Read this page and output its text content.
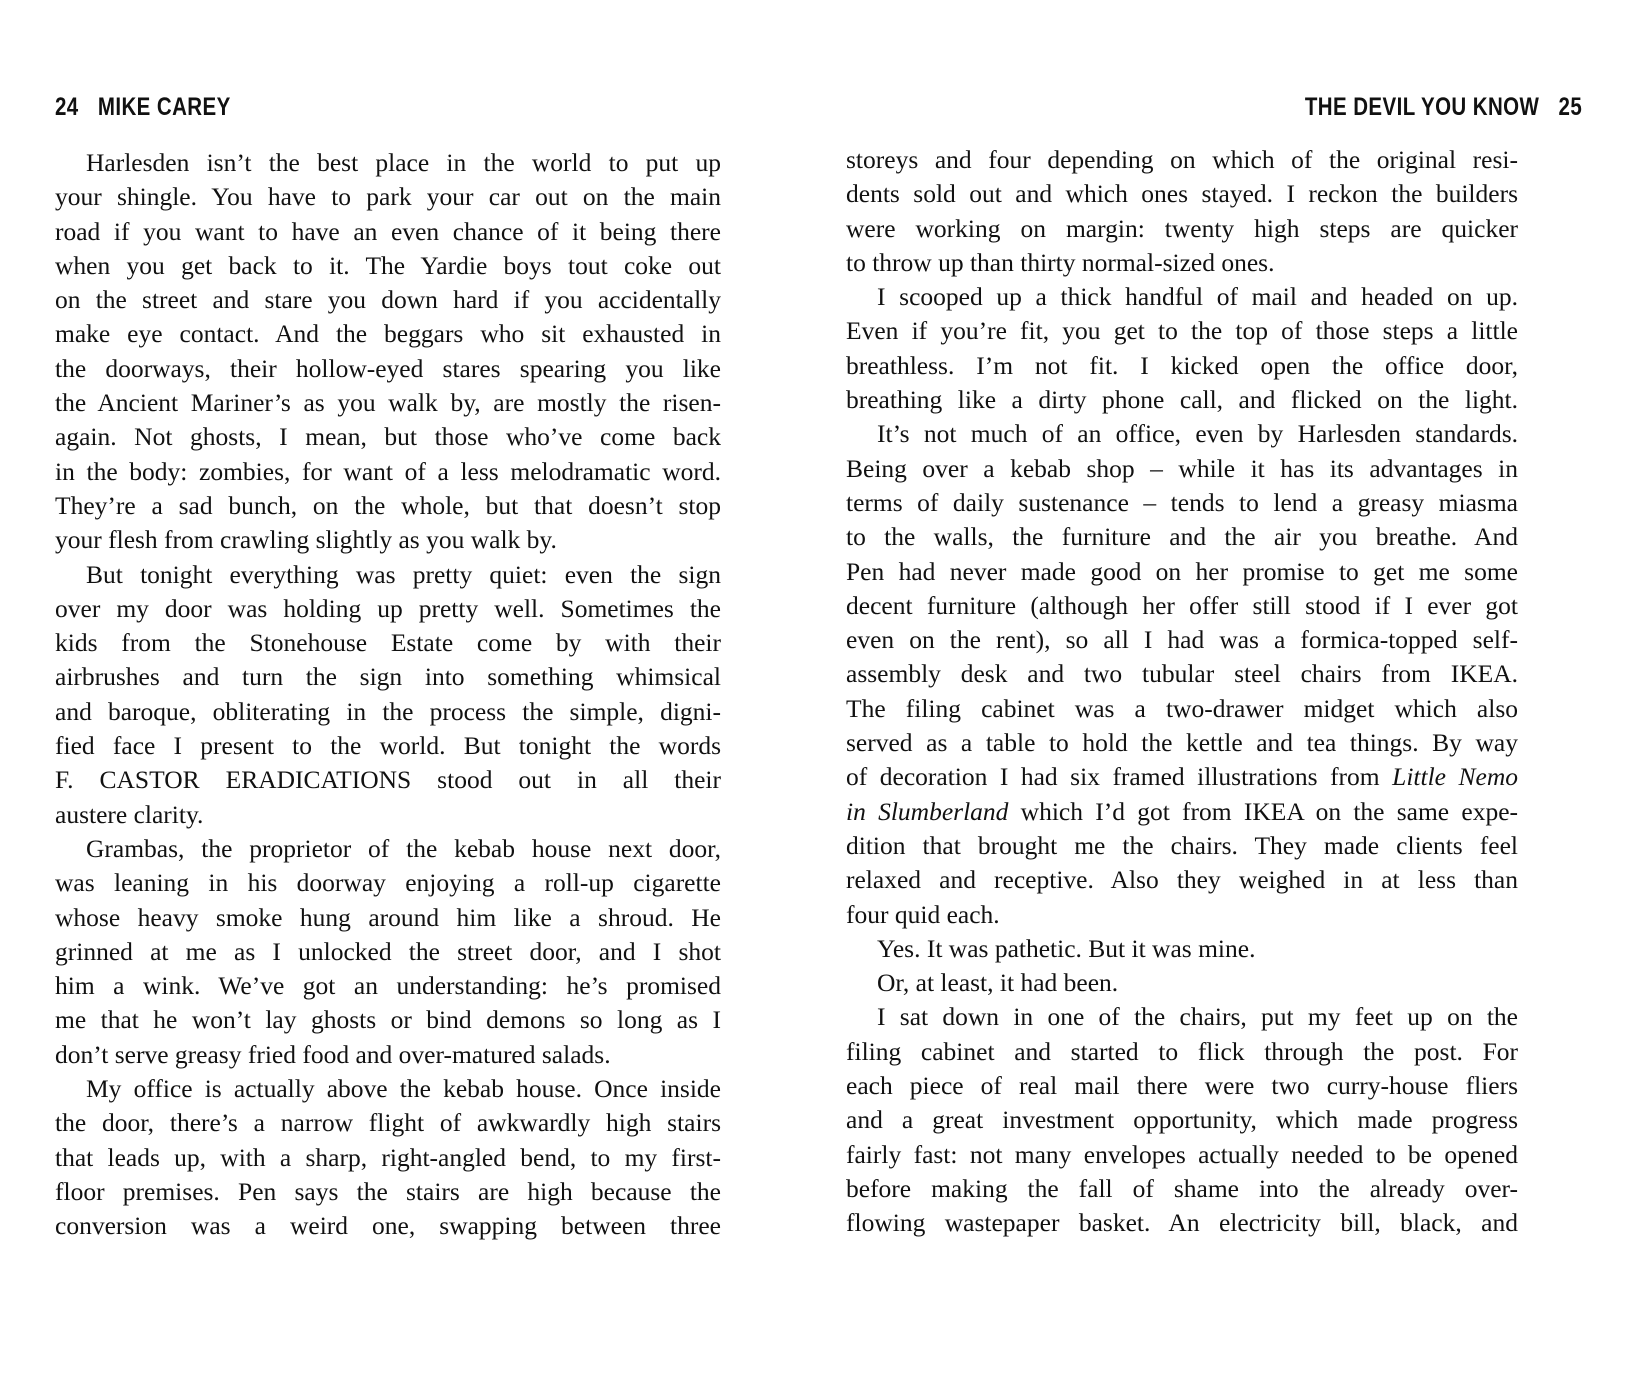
24 MIKE CAREY
Harlesden isn’t the best place in the world to put up
your shingle. You have to park your car out on the main
road if you want to have an even chance of it being there
when you get back to it. The Yardie boys tout coke out
on the street and stare you down hard if you accidentally
make eye contact. And the beggars who sit exhausted in
the doorways, their hollow-eyed stares spearing you like
the Ancient Mariner’s as you walk by, are mostly the risen-
again. Not ghosts, I mean, but those who’ve come back
in the body: zombies, for want of a less melodramatic word.
They’re a sad bunch, on the whole, but that doesn’t stop
your flesh from crawling slightly as you walk by.
But tonight everything was pretty quiet: even the sign
over my door was holding up pretty well. Sometimes the
kids from the Stonehouse Estate come by with their
airbrushes and turn the sign into something whimsical
and baroque, obliterating in the process the simple, digni-
fied face I present to the world. But tonight the words
F. CASTOR ERADICATIONS stood out in all their
austere clarity.
Grambas, the proprietor of the kebab house next door,
was leaning in his doorway enjoying a roll-up cigarette
whose heavy smoke hung around him like a shroud. He
grinned at me as I unlocked the street door, and I shot
him a wink. We’ve got an understanding: he’s promised
me that he won’t lay ghosts or bind demons so long as I
don’t serve greasy fried food and over-matured salads.
My office is actually above the kebab house. Once inside
the door, there’s a narrow flight of awkwardly high stairs
that leads up, with a sharp, right-angled bend, to my first-
floor premises. Pen says the stairs are high because the
conversion was a weird one, swapping between three
THE DEVIL YOU KNOW 25
storeys and four depending on which of the original resi-
dents sold out and which ones stayed. I reckon the builders
were working on margin: twenty high steps are quicker
to throw up than thirty normal-sized ones.
I scooped up a thick handful of mail and headed on up.
Even if you’re fit, you get to the top of those steps a little
breathless. I’m not fit. I kicked open the office door,
breathing like a dirty phone call, and flicked on the light.
It’s not much of an office, even by Harlesden standards.
Being over a kebab shop – while it has its advantages in
terms of daily sustenance – tends to lend a greasy miasma
to the walls, the furniture and the air you breathe. And
Pen had never made good on her promise to get me some
decent furniture (although her offer still stood if I ever got
even on the rent), so all I had was a formica-topped self-
assembly desk and two tubular steel chairs from IKEA.
The filing cabinet was a two-drawer midget which also
served as a table to hold the kettle and tea things. By way
of decoration I had six framed illustrations from Little Nemo
in Slumberland which I’d got from IKEA on the same expe-
dition that brought me the chairs. They made clients feel
relaxed and receptive. Also they weighed in at less than
four quid each.
Yes. It was pathetic. But it was mine.
Or, at least, it had been.
I sat down in one of the chairs, put my feet up on the
filing cabinet and started to flick through the post. For
each piece of real mail there were two curry-house fliers
and a great investment opportunity, which made progress
fairly fast: not many envelopes actually needed to be opened
before making the fall of shame into the already over-
flowing wastepaper basket. An electricity bill, black, and
